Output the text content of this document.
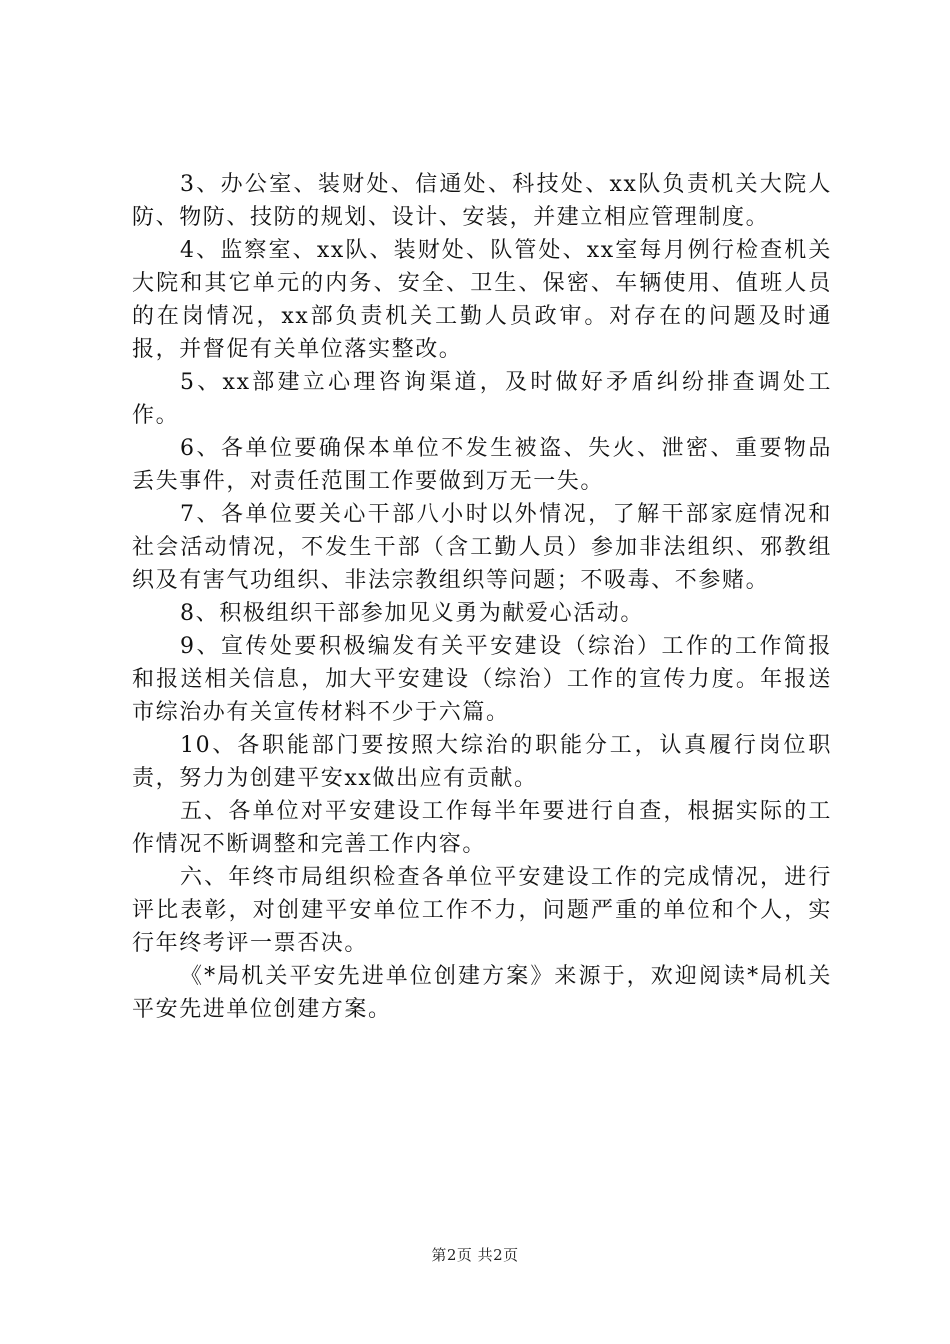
3、办公室、装财处、信通处、科技处、xx队负责机关大院人防、物防、技防的规划、设计、安装，并建立相应管理制度。

4、监察室、xx队、装财处、队管处、xx室每月例行检查机关大院和其它单元的内务、安全、卫生、保密、车辆使用、值班人员的在岗情况，xx部负责机关工勤人员政审。对存在的问题及时通报，并督促有关单位落实整改。

5、xx部建立心理咨询渠道，及时做好矛盾纠纷排查调处工作。

6、各单位要确保本单位不发生被盗、失火、泄密、重要物品丢失事件，对责任范围工作要做到万无一失。

7、各单位要关心干部八小时以外情况，了解干部家庭情况和社会活动情况，不发生干部（含工勤人员）参加非法组织、邪教组织及有害气功组织、非法宗教组织等问题；不吸毒、不参赌。

8、积极组织干部参加见义勇为献爱心活动。

9、宣传处要积极编发有关平安建设（综治）工作的工作简报和报送相关信息，加大平安建设（综治）工作的宣传力度。年报送市综治办有关宣传材料不少于六篇。

10、各职能部门要按照大综治的职能分工，认真履行岗位职责，努力为创建平安xx做出应有贡献。

五、各单位对平安建设工作每半年要进行自查，根据实际的工作情况不断调整和完善工作内容。

六、年终市局组织检查各单位平安建设工作的完成情况，进行评比表彰，对创建平安单位工作不力，问题严重的单位和个人，实行年终考评一票否决。

《*局机关平安先进单位创建方案》来源于，欢迎阅读*局机关平安先进单位创建方案。

第2页 共2页
